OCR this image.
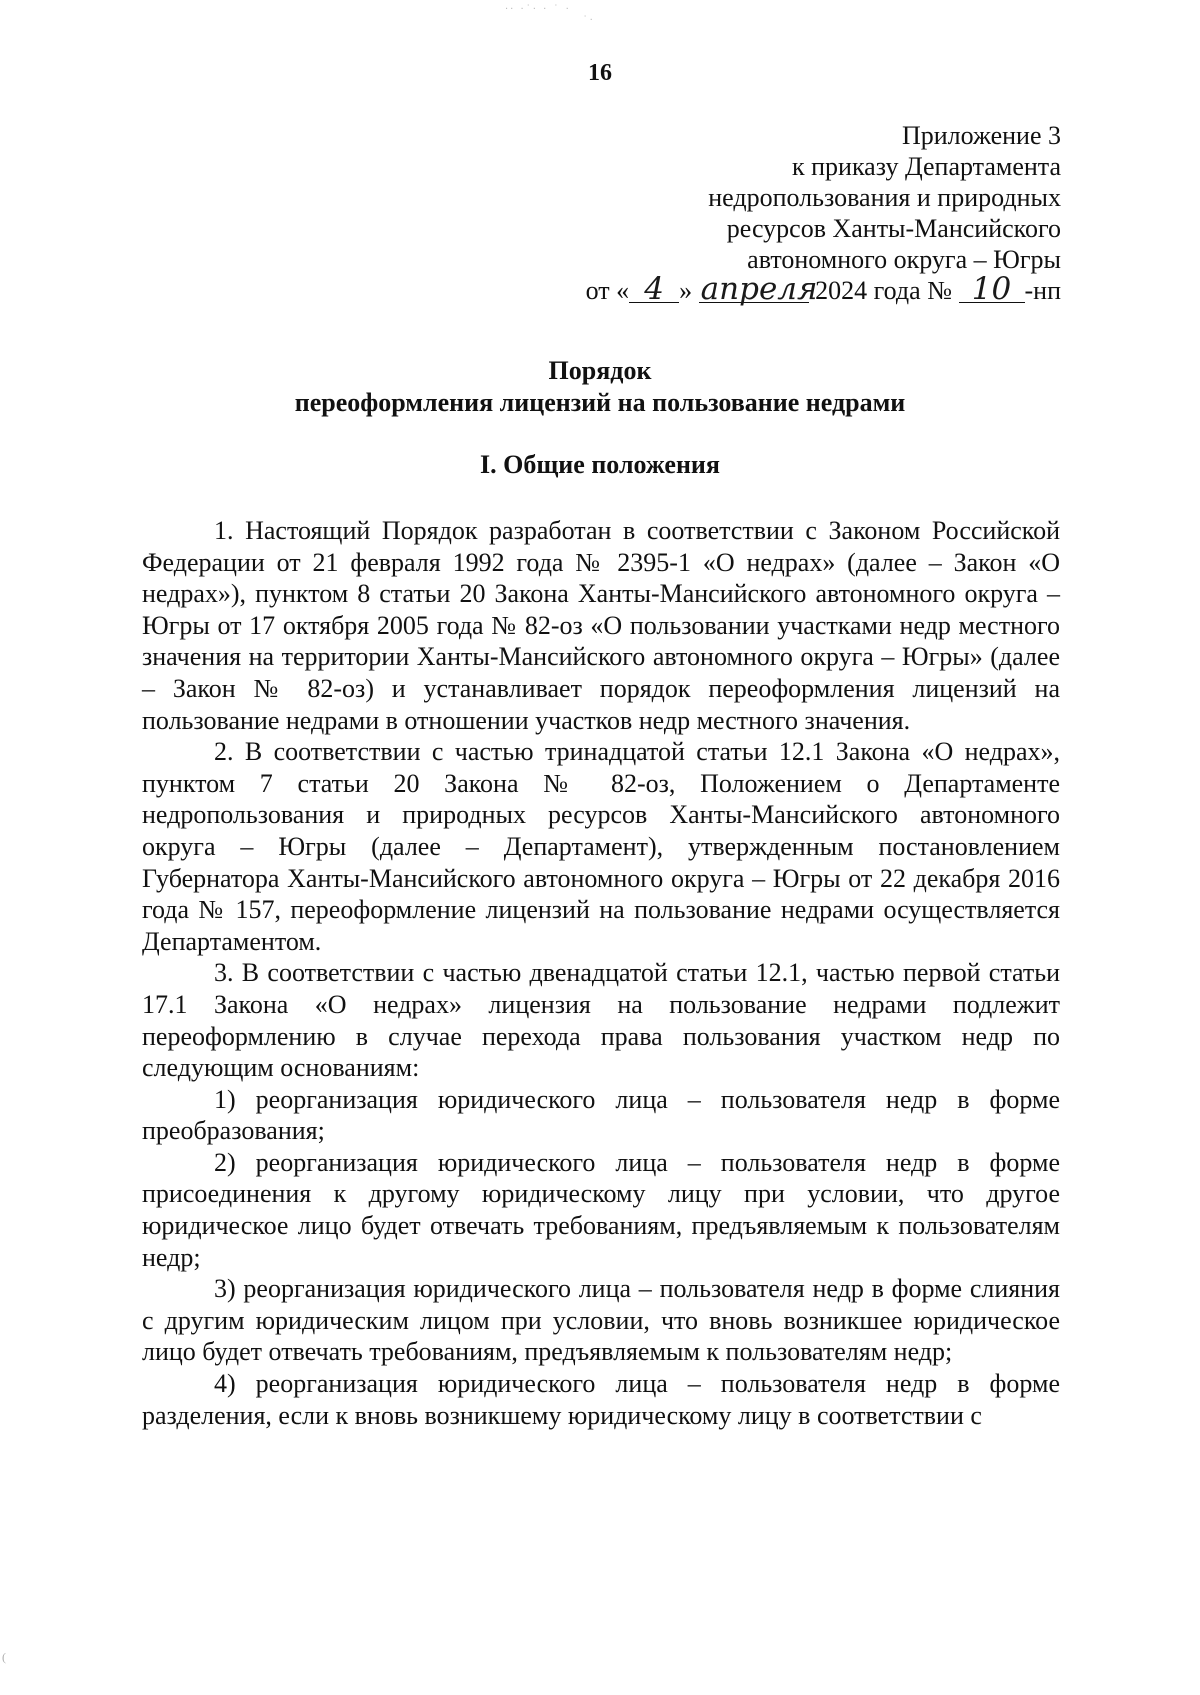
·· ·˙· · ˙ ·
˙·
16
Приложение 3
к приказу Департамента
недропользования и природных
ресурсов Ханты-Мансийского
автономного округа – Югры
от « 4 » апреля 2024 года № 10 -нп
Порядок
переоформления лицензий на пользование недрами
I. Общие положения

1. Настоящий Порядок разработан в соответствии с Законом Российской Федерации от 21 февраля 1992 года № 2395-1 «О недрах» (далее – Закон «О недрах»), пунктом 8 статьи 20 Закона Ханты-Мансийского автономного округа – Югры от 17 октября 2005 года № 82-оз «О пользовании участками недр местного значения на территории Ханты-Мансийского автономного округа – Югры» (далее – Закон № 82-оз) и устанавливает порядок переоформления лицензий на пользование недрами в отношении участков недр местного значения.

2. В соответствии с частью тринадцатой статьи 12.1 Закона «О недрах», пунктом 7 статьи 20 Закона № 82-оз, Положением о Департаменте недропользования и природных ресурсов Ханты-Мансийского автономного округа – Югры (далее – Департамент), утвержденным постановлением Губернатора Ханты-Мансийского автономного округа – Югры от 22 декабря 2016 года № 157, переоформление лицензий на пользование недрами осуществляется Департаментом.

3. В соответствии с частью двенадцатой статьи 12.1, частью первой статьи 17.1 Закона «О недрах» лицензия на пользование недрами подлежит переоформлению в случае перехода права пользования участком недр по следующим основаниям:

1) реорганизация юридического лица – пользователя недр в форме преобразования;

2) реорганизация юридического лица – пользователя недр в форме присоединения к другому юридическому лицу при условии, что другое юридическое лицо будет отвечать требованиям, предъявляемым к пользователям недр;

3) реорганизация юридического лица – пользователя недр в форме слияния с другим юридическим лицом при условии, что вновь возникшее юридическое лицо будет отвечать требованиям, предъявляемым к пользователям недр;

4) реорганизация юридического лица – пользователя недр в форме разделения, если к вновь возникшему юридическому лицу в соответствии с

(
